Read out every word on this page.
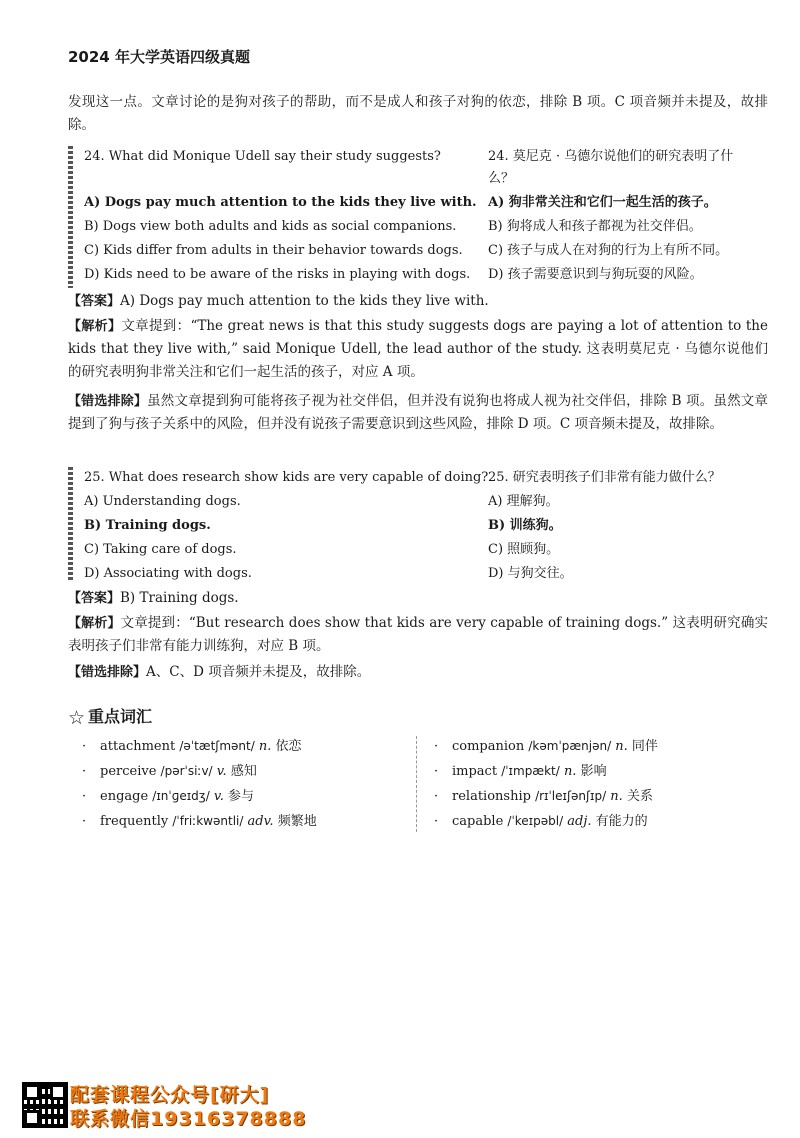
2024 年大学英语四级真题
发现这一点。文章讨论的是狗对孩子的帮助，而不是成人和孩子对狗的依恋，排除 B 项。C 项音频并未提及，故排除。
24. What did Monique Udell say their study suggests?
A) Dogs pay much attention to the kids they live with.
B) Dogs view both adults and kids as social companions.
C) Kids differ from adults in their behavior towards dogs.
D) Kids need to be aware of the risks in playing with dogs.
24. 莫尼克 · 乌德尔说他们的研究表明了什么？
A) 狗非常关注和它们一起生活的孩子。
B) 狗将成人和孩子都视为社交伴侣。
C) 孩子与成人在对狗的行为上有所不同。
D) 孩子需要意识到与狗玩耍的风险。
【答案】A) Dogs pay much attention to the kids they live with.
【解析】文章提到：“The great news is that this study suggests dogs are paying a lot of attention to the kids that they live with,” said Monique Udell, the lead author of the study. 这表明莫尼克 · 乌德尔说他们的研究表明狗非常关注和它们一起生活的孩子，对应 A 项。
【错选排除】虽然文章提到狗可能将孩子视为社交伴侣，但并没有说狗也将成人视为社交伴侣，排除 B 项。虽然文章提到了狗与孩子关系中的风险，但并没有说孩子需要意识到这些风险，排除 D 项。C 项音频未提及，故排除。
25. What does research show kids are very capable of doing?
A) Understanding dogs.
B) Training dogs.
C) Taking care of dogs.
D) Associating with dogs.
25. 研究表明孩子们非常有能力做什么？
A) 理解狗。
B) 训练狗。
C) 照顾狗。
D) 与狗交往。
【答案】B) Training dogs.
【解析】文章提到：“But research does show that kids are very capable of training dogs.” 这表明研究确实表明孩子们非常有能力训练狗，对应 B 项。
【错选排除】A、C、D 项音频并未提及，故排除。
☆ 重点词汇
· attachment /əˈtætʃmənt/ n. 依恋
· perceive /pərˈsiːv/ v. 感知
· engage /ɪnˈɡeɪdʒ/ v. 参与
· frequently /ˈfriːkwəntli/ adv. 频繁地
· companion /kəmˈpænjən/ n. 同伴
· impact /ˈɪmpækt/ n. 影响
· relationship /rɪˈleɪʃənʃɪp/ n. 关系
· capable /ˈkeɪpəbl/ adj. 有能力的
配套课程公众号[研大]
联系微信19316378888
